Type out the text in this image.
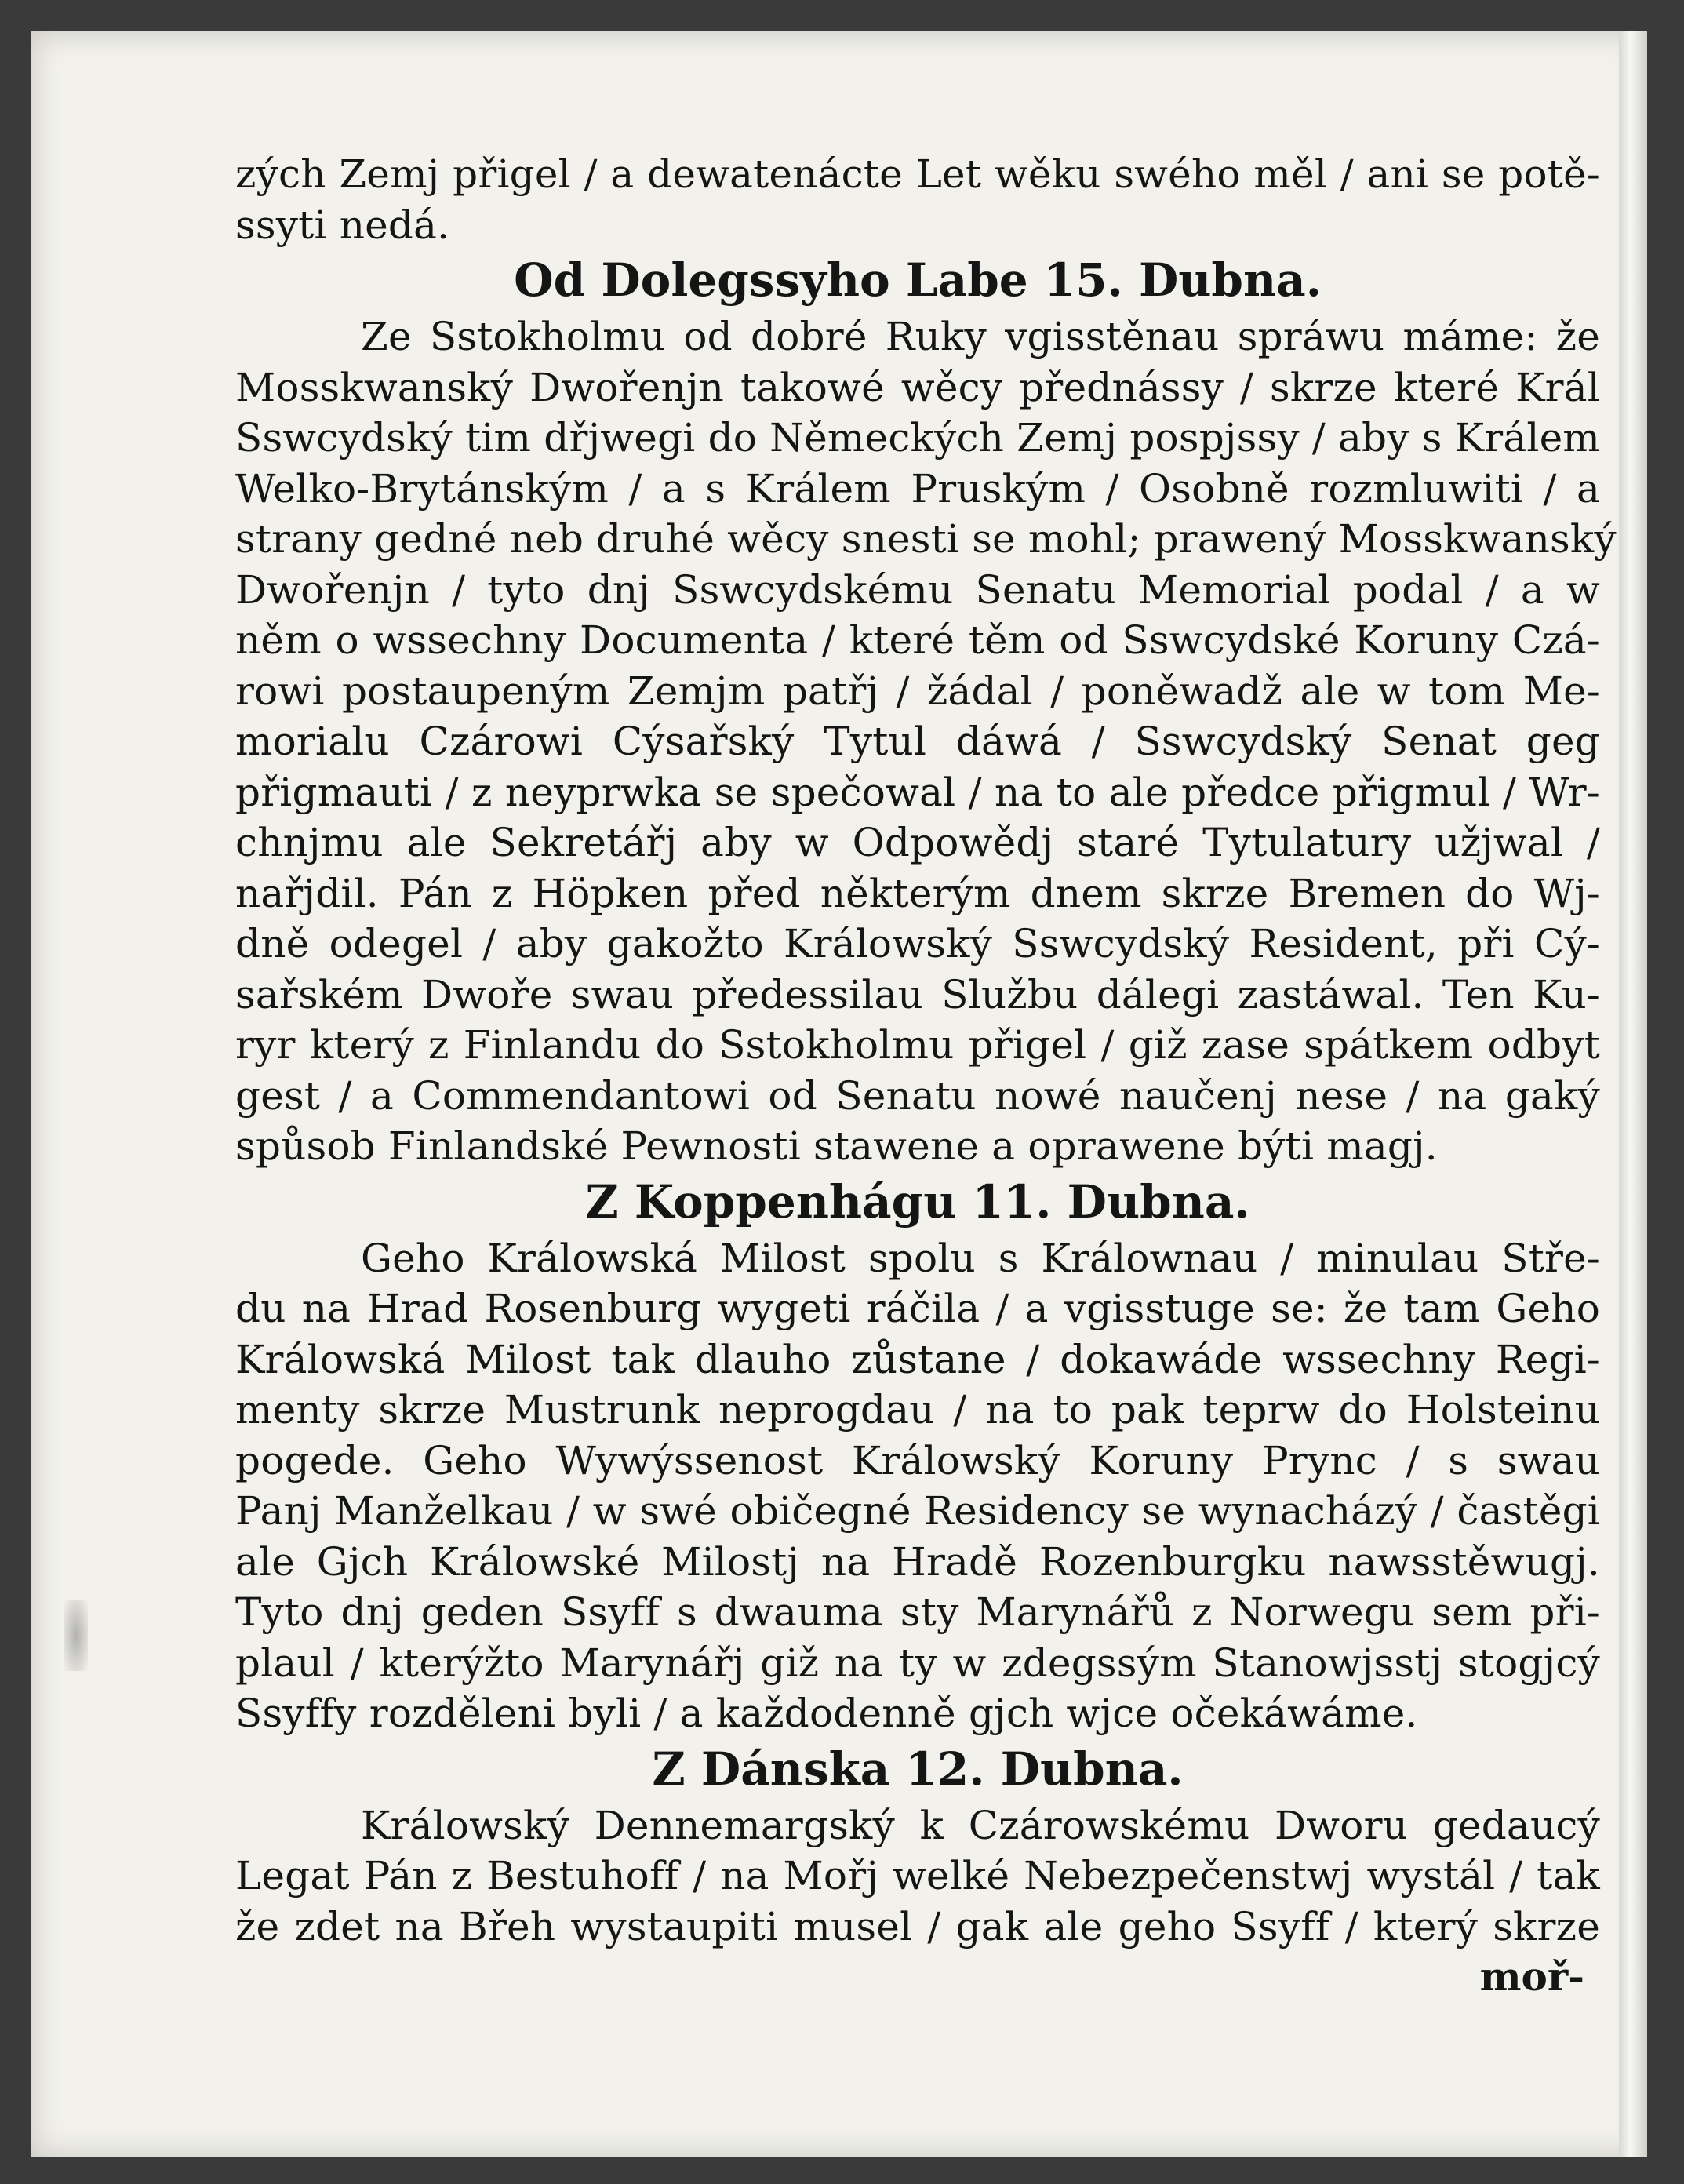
zých Zemj přigel / a dewatenácte Let wěku swého měl / ani se potě-
ssyti nedá.
Od Dolegssyho Labe 15. Dubna.
Ze Sstokholmu od dobré Ruky vgisstěnau spráwu máme: že
Mosskwanský Dwořenjn takowé wěcy přednássy / skrze které Král
Sswcydský tim dřjwegi do Německých Zemj pospjssy / aby s Králem
Welko-Brytánským / a s Králem Pruským / Osobně rozmluwiti / a
strany gedné neb druhé wěcy snesti se mohl; prawený Mosskwanský
Dwořenjn / tyto dnj Sswcydskému Senatu Memorial podal / a w
něm o wssechny Documenta / které těm od Sswcydské Koruny Czá-
rowi postaupeným Zemjm patřj / žádal / poněwadž ale w tom Me-
morialu Czárowi Cýsařský Tytul dáwá / Sswcydský Senat geg
přigmauti / z neyprwka se spečowal / na to ale předce přigmul / Wr-
chnjmu ale Sekretářj aby w Odpowědj staré Tytulatury užjwal /
nařjdil. Pán z Höpken před některým dnem skrze Bremen do Wj-
dně odegel / aby gakožto Králowský Sswcydský Resident, při Cý-
sařském Dwoře swau předessilau Službu dálegi zastáwal. Ten Ku-
ryr který z Finlandu do Sstokholmu přigel / giž zase spátkem odbyt
gest / a Commendantowi od Senatu nowé naučenj nese / na gaký
spůsob Finlandské Pewnosti stawene a oprawene býti magj.
Z Koppenhágu 11. Dubna.
Geho Králowská Milost spolu s Králownau / minulau Stře-
du na Hrad Rosenburg wygeti ráčila / a vgisstuge se: že tam Geho
Králowská Milost tak dlauho zůstane / dokawáde wssechny Regi-
menty skrze Mustrunk neprogdau / na to pak teprw do Holsteinu
pogede. Geho Wywýssenost Králowský Koruny Prync / s swau
Panj Manželkau / w swé običegné Residency se wynacházý / častěgi
ale Gjch Králowské Milostj na Hradě Rozenburgku nawsstěwugj.
Tyto dnj geden Ssyff s dwauma sty Marynářů z Norwegu sem při-
plaul / kterýžto Marynářj giž na ty w zdegssým Stanowjsstj stogjcý
Ssyffy rozděleni byli / a každodenně gjch wjce očekáwáme.
Z Dánska 12. Dubna.
Králowský Dennemargský k Czárowskému Dworu gedaucý
Legat Pán z Bestuhoff / na Mořj welké Nebezpečenstwj wystál / tak
že zdet na Břeh wystaupiti musel / gak ale geho Ssyff / který skrze
moř-
